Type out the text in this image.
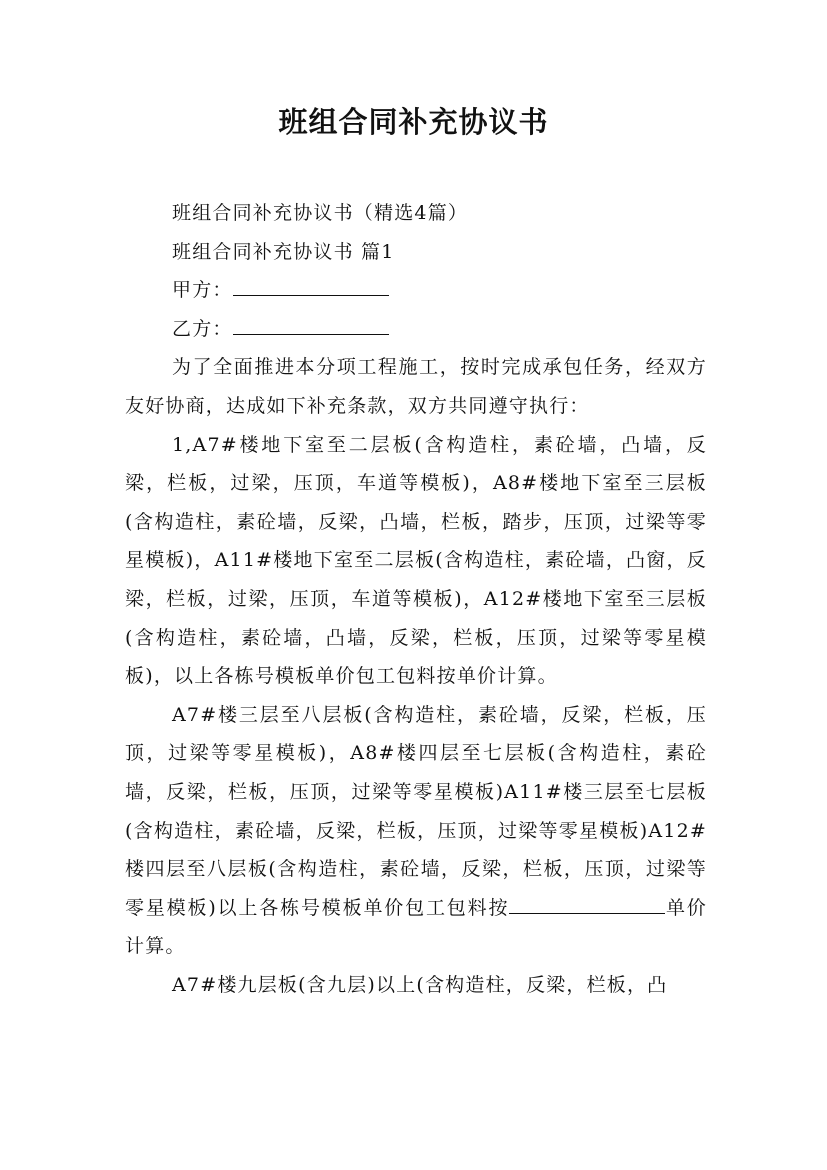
班组合同补充协议书

班组合同补充协议书（精选4篇）

班组合同补充协议书 篇1

甲方：

乙方：

为了全面推进本分项工程施工，按时完成承包任务，经双方友好协商，达成如下补充条款，双方共同遵守执行：

1,A7#楼地下室至二层板(含构造柱，素砼墙，凸墙，反梁，栏板，过梁，压顶，车道等模板)，A8#楼地下室至三层板(含构造柱，素砼墙，反梁，凸墙，栏板，踏步，压顶，过梁等零星模板)，A11#楼地下室至二层板(含构造柱，素砼墙，凸窗，反梁，栏板，过梁，压顶，车道等模板)，A12#楼地下室至三层板(含构造柱，素砼墙，凸墙，反梁，栏板，压顶，过梁等零星模板)，以上各栋号模板单价包工包料按单价计算。

A7#楼三层至八层板(含构造柱，素砼墙，反梁，栏板，压顶，过梁等零星模板)，A8#楼四层至七层板(含构造柱，素砼墙，反梁，栏板，压顶，过梁等零星模板)A11#楼三层至七层板(含构造柱，素砼墙，反梁，栏板，压顶，过梁等零星模板)A12#楼四层至八层板(含构造柱，素砼墙，反梁，栏板，压顶，过梁等零星模板)以上各栋号模板单价包工包料按	单价计算。

A7#楼九层板(含九层)以上(含构造柱，反梁，栏板，凸
